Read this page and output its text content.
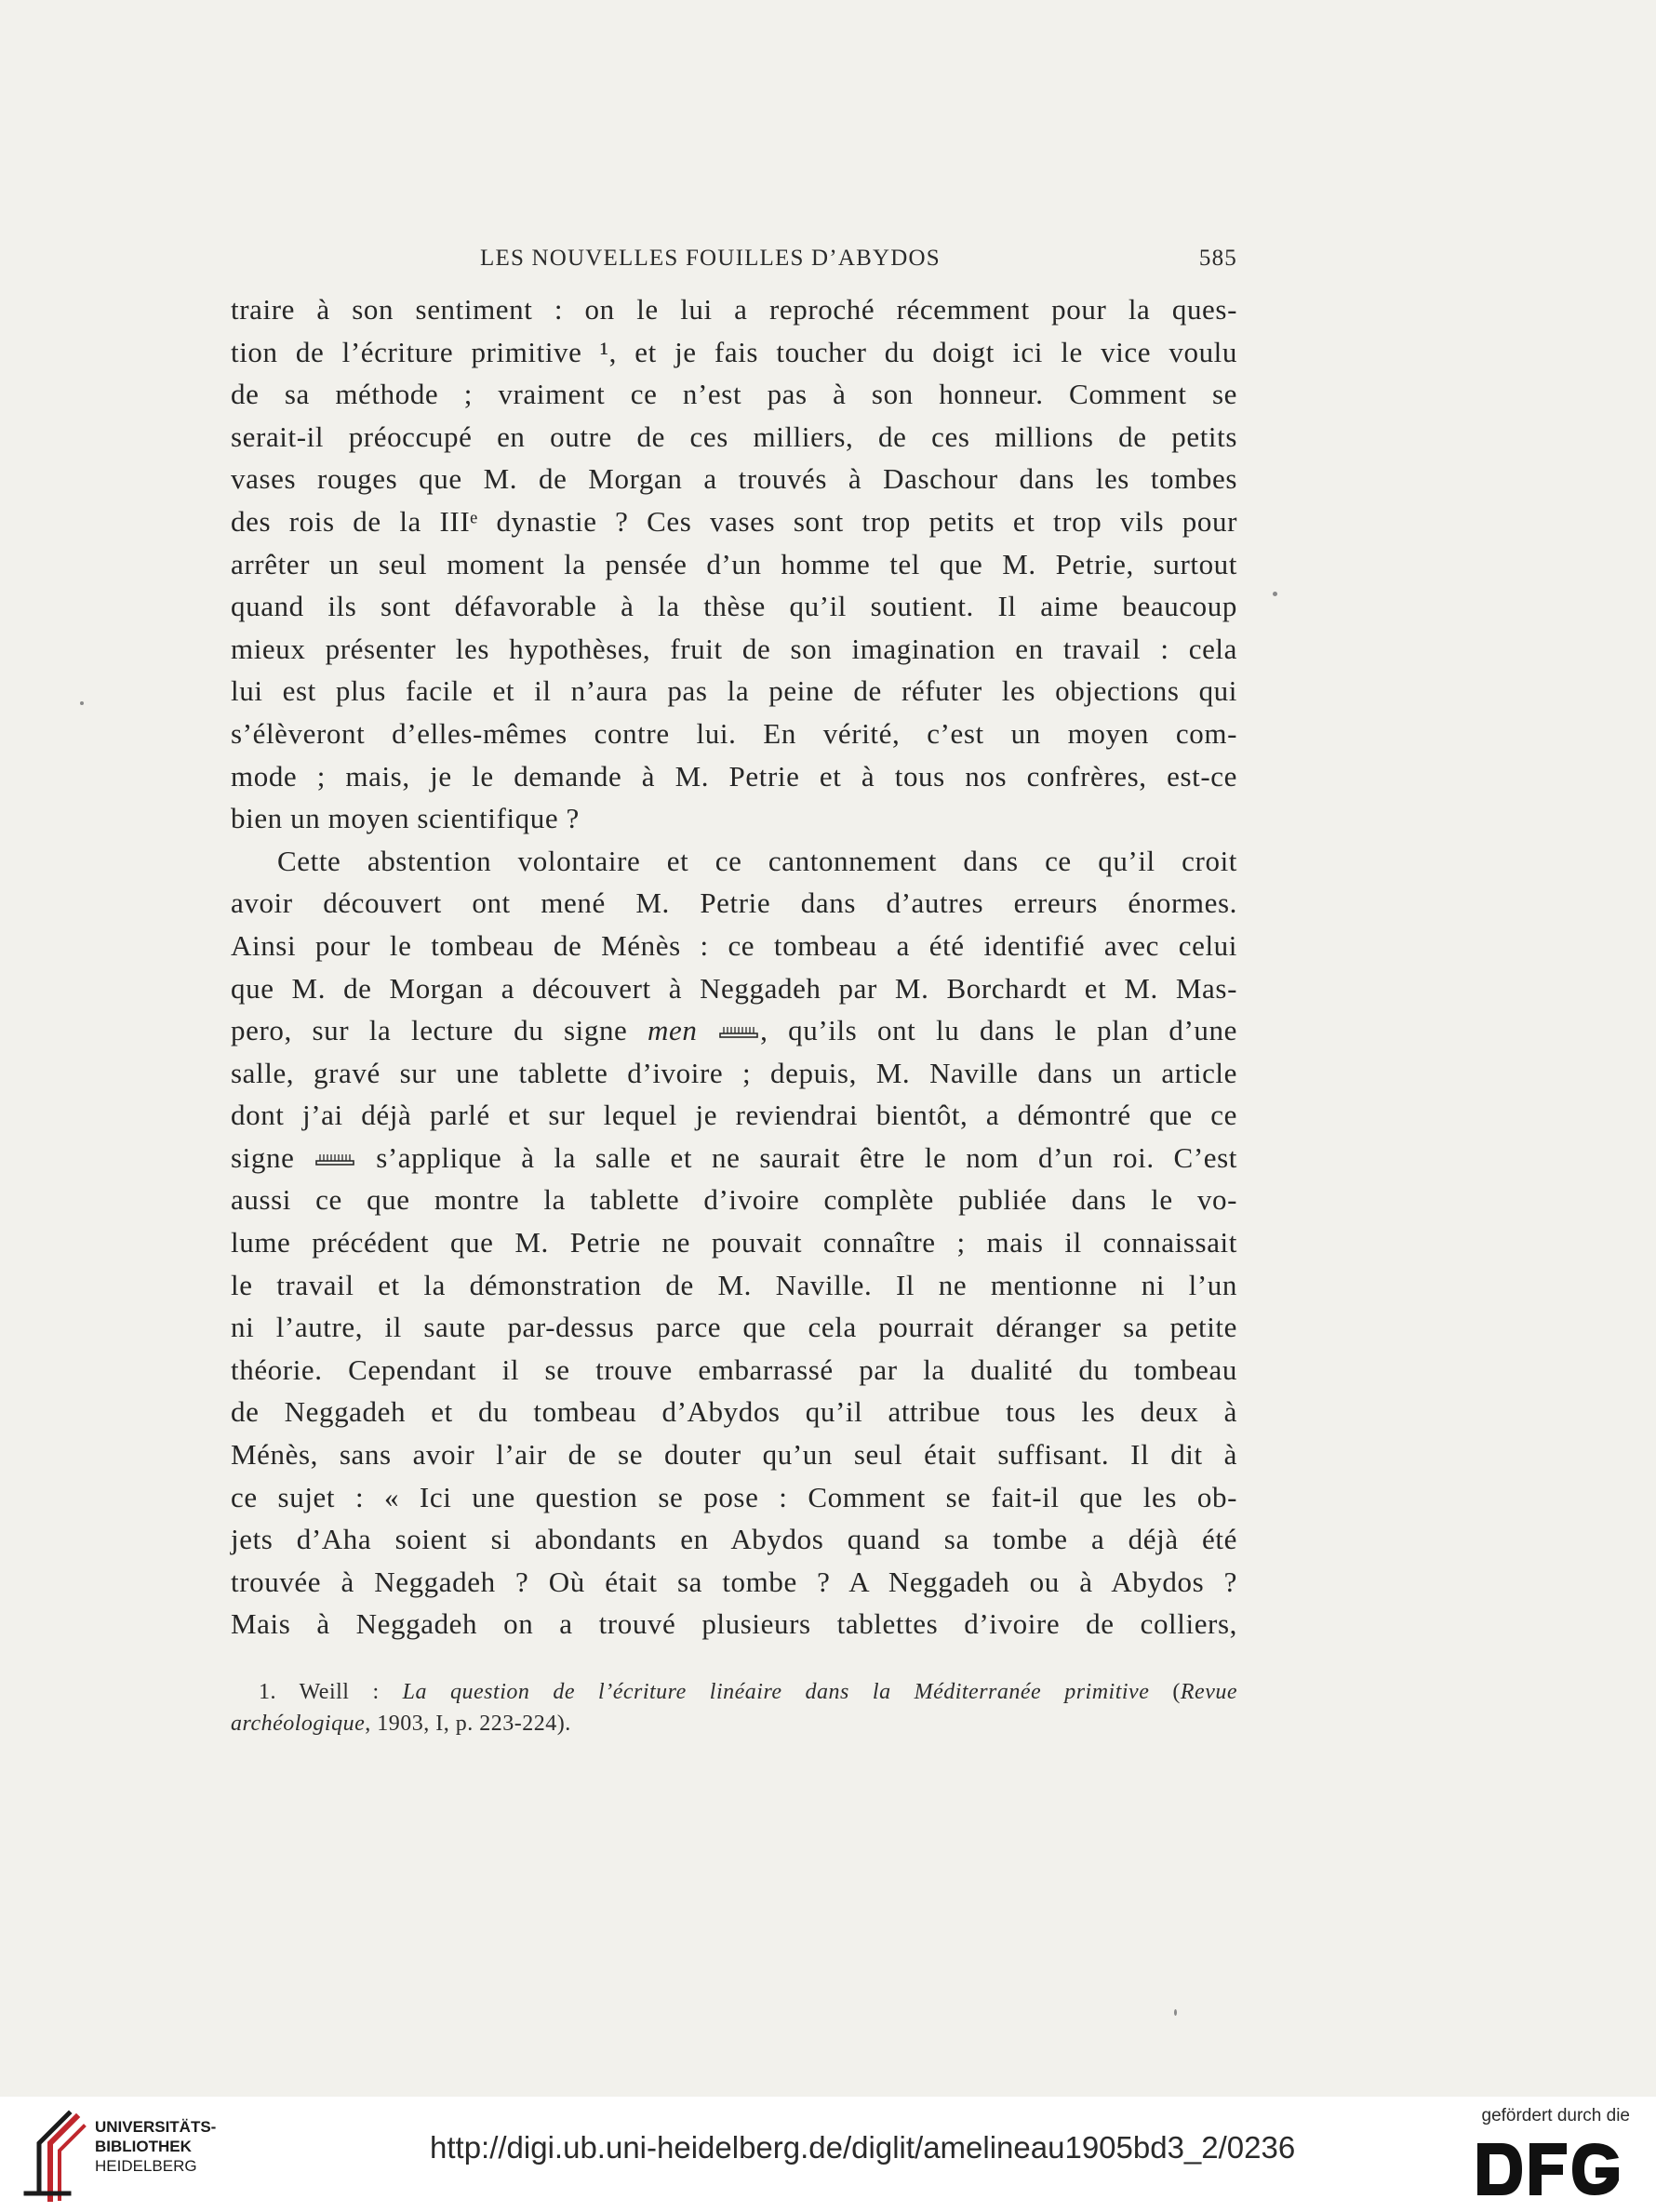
LES NOUVELLES FOUILLES D’ABYDOS	585
traire à son sentiment : on le lui a reproché récemment pour la ques-
tion de l’écriture primitive ¹, et je fais toucher du doigt ici le vice voulu
de sa méthode ; vraiment ce n’est pas à son honneur. Comment se
serait-il préoccupé en outre de ces milliers, de ces millions de petits
vases rouges que M. de Morgan a trouvés à Daschour dans les tombes
des rois de la IIIᵉ dynastie ? Ces vases sont trop petits et trop vils pour
arrêter un seul moment la pensée d’un homme tel que M. Petrie, surtout
quand ils sont défavorable à la thèse qu’il soutient. Il aime beaucoup
mieux présenter les hypothèses, fruit de son imagination en travail : cela
lui est plus facile et il n’aura pas la peine de réfuter les objections qui
s’élèveront d’elles-mêmes contre lui. En vérité, c’est un moyen com-
mode ; mais, je le demande à M. Petrie et à tous nos confrères, est-ce
bien un moyen scientifique ?
Cette abstention volontaire et ce cantonnement dans ce qu’il croit
avoir découvert ont mené M. Petrie dans d’autres erreurs énormes.
Ainsi pour le tombeau de Ménès : ce tombeau a été identifié avec celui
que M. de Morgan a découvert à Neggadeh par M. Borchardt et M. Mas-
pero, sur la lecture du signe men , qu’ils ont lu dans le plan d’une
salle, gravé sur une tablette d’ivoire ; depuis, M. Naville dans un article
dont j’ai déjà parlé et sur lequel je reviendrai bientôt, a démontré que ce
signe	s’applique à la salle et ne saurait être le nom d’un roi. C’est
aussi ce que montre la tablette d’ivoire complète publiée dans le vo-
lume précédent que M. Petrie ne pouvait connaître ; mais il connaissait
le travail et la démonstration de M. Naville. Il ne mentionne ni l’un
ni l’autre, il saute par-dessus parce que cela pourrait déranger sa petite
théorie. Cependant il se trouve embarrassé par la dualité du tombeau
de Neggadeh et du tombeau d’Abydos qu’il attribue tous les deux à
Ménès, sans avoir l’air de se douter qu’un seul était suffisant. Il dit à
ce sujet : « Ici une question se pose : Comment se fait-il que les ob-
jets d’Aha soient si abondants en Abydos quand sa tombe a déjà été
trouvée à Neggadeh ? Où était sa tombe ? A Neggadeh ou à Abydos ?
Mais à Neggadeh on a trouvé plusieurs tablettes d’ivoire de colliers,
1. Weill : La question de l’écriture linéaire dans la Méditerranée primitive (Revue
archéologique, 1903, I, p. 223-224).
UNIVERSITÄTS-
BIBLIOTHEK
HEIDELBERG
http://digi.ub.uni-heidelberg.de/diglit/amelineau1905bd3_2/0236
gefördert durch die
